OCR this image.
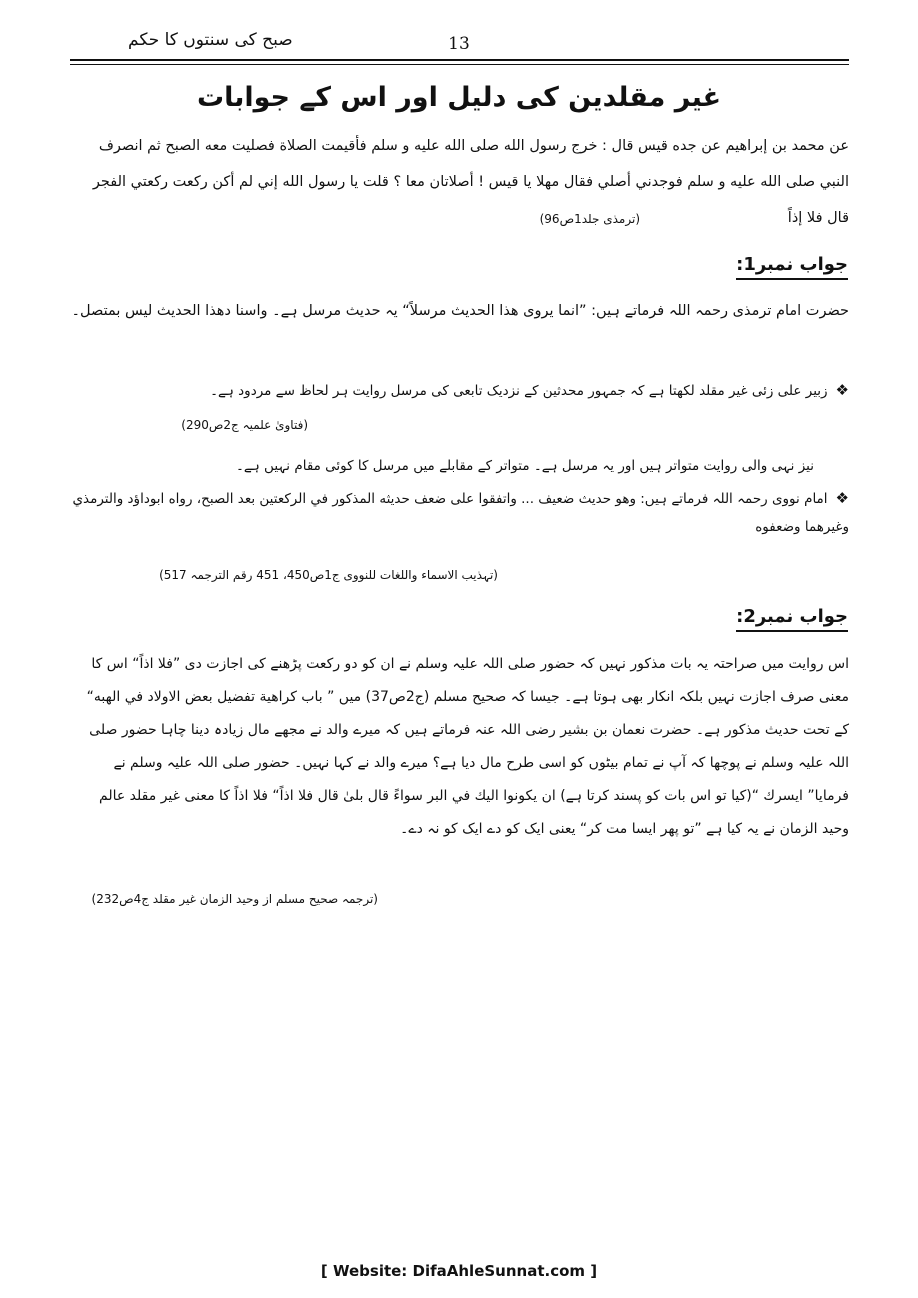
صبح کی سنتوں کا حکم	13
غیر مقلدین کی دلیل اور اس کے جوابات
عن محمد بن إبراهيم عن جده قيس قال : خرج رسول الله صلى الله عليه و سلم فأقيمت الصلاة فصليت معه الصبح ثم انصرف النبي صلى الله عليه و سلم فوجدني أصلي فقال مهلا يا قيس ! أصلاتان معا ؟ قلت يا رسول الله إني لم أكن ركعت ركعتي الفجر قال فلا إذاً
(ترمذی جلد1ص96)
جواب نمبر1:
حضرت امام ترمذی رحمہ اللہ فرماتے ہیں: ”انما يروى هذا الحديث مرسلاً“ یہ حدیث مرسل ہے۔ واسنا دهذا الحديث ليس بمتصل۔
❖زبیر علی زئی غیر مقلد لکھتا ہے کہ جمہور محدثین کے نزدیک تابعی کی مرسل روایت ہر لحاظ سے مردود ہے۔
(فتاویٰ علمیہ ج2ص290)
نیز نہی والی روایت متواتر ہیں اور یہ مرسل ہے۔ متواتر کے مقابلے میں مرسل کا کوئی مقام نہیں ہے۔
❖امام نووی رحمہ اللہ فرماتے ہیں: وهو حديث ضعيف ... واتفقوا على ضعف حديثه المذكور في الركعتين بعد الصبح، رواه ابوداؤد والترمذي وغيرهما وضعفوه
(تہذیب الاسماء واللغات للنووی ج1ص450، 451 رقم الترجمہ 517)
جواب نمبر2:
اس روایت میں صراحتہ یہ بات مذکور نہیں کہ حضور صلی اللہ علیہ وسلم نے ان کو دو رکعت پڑھنے کی اجازت دی ”فلا اذاً“ اس کا معنی صرف اجازت نہیں بلکہ انکار بھی ہوتا ہے۔ جیسا کہ صحیح مسلم (ج2ص37) میں ” باب كراهية تفضيل بعض الاولاد في الهبه“ کے تحت حدیث مذکور ہے۔ حضرت نعمان بن بشیر رضی اللہ عنہ فرماتے ہیں کہ میرے والد نے مجھے مال زیادہ دینا چاہا حضور صلی اللہ علیہ وسلم نے پوچھا کہ آپ نے تمام بیٹوں کو اسی طرح مال دیا ہے؟ میرے والد نے کہا نہیں۔ حضور صلی اللہ علیہ وسلم نے فرمایا” ايسرك “(کیا تو اس بات کو پسند کرتا ہے) ان يكونوا اليك في البر سواءً قال بلىٰ قال فلا اذاً“ فلا اذاً کا معنی غیر مقلد عالم وحید الزمان نے یہ کیا ہے ”تو پھر ایسا مت کر“ یعنی ایک کو دے ایک کو نہ دے۔
(ترجمہ صحیح مسلم از وحید الزمان غیر مقلد ج4ص232)
[ Website: DifaAhleSunnat.com ]
